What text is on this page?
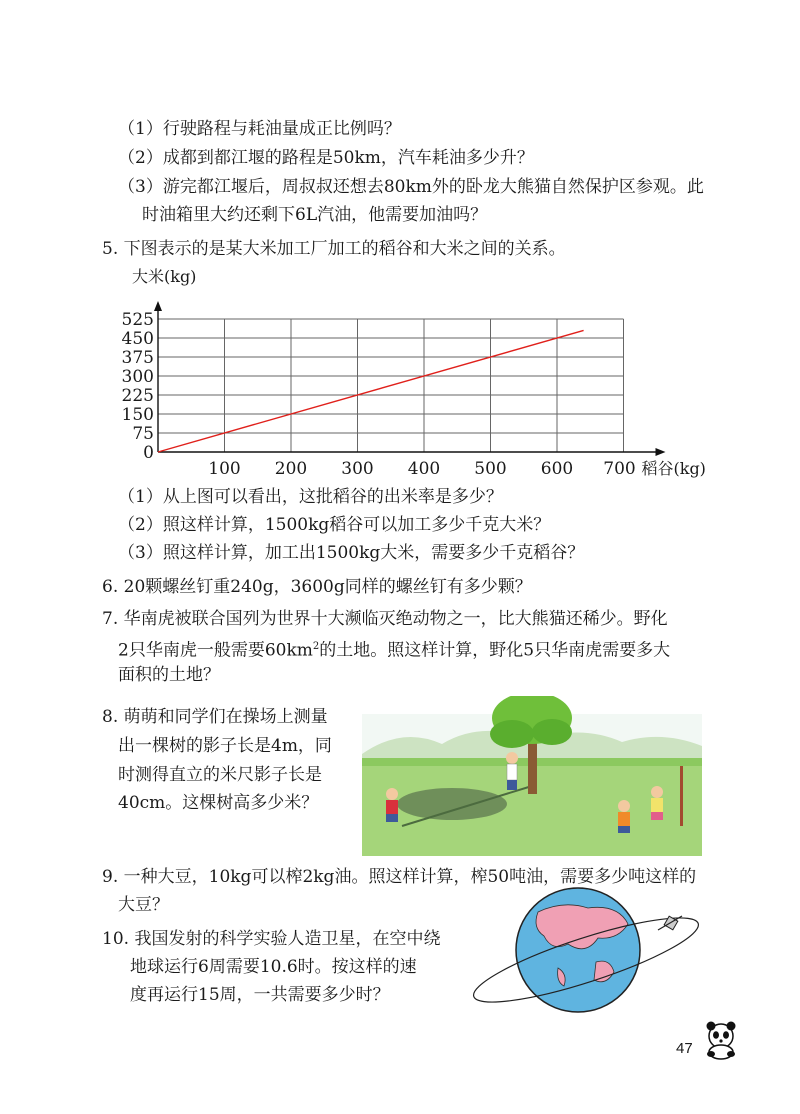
（1）行驶路程与耗油量成正比例吗？
（2）成都到都江堰的路程是50km，汽车耗油多少升？
（3）游完都江堰后，周叔叔还想去80km外的卧龙大熊猫自然保护区参观。此
时油箱里大约还剩下6L汽油，他需要加油吗？
5. 下图表示的是某大米加工厂加工的稻谷和大米之间的关系。
大米(kg)
0
75
150
225
300
375
450
525
100 200 300 400 500 600 700 稻谷(kg)
（1）从上图可以看出，这批稻谷的出米率是多少？
（2）照这样计算，1500kg稻谷可以加工多少千克大米？
（3）照这样计算，加工出1500kg大米，需要多少千克稻谷？
6. 20颗螺丝钉重240g，3600g同样的螺丝钉有多少颗？
7. 华南虎被联合国列为世界十大濒临灭绝动物之一，比大熊猫还稀少。野化
2只华南虎一般需要$60km^2$的土地。照这样计算，野化5只华南虎需要多大
面积的土地？
8. 萌萌和同学们在操场上测量
出一棵树的影子长是4m，同
时测得直立的米尺影子长是
40cm。这棵树高多少米？
9. 一种大豆，10kg可以榨2kg油。照这样计算，榨50吨油，需要多少吨这样的
大豆？
10. 我国发射的科学实验人造卫星，在空中绕
地球运行6周需要10.6时。按这样的速
度再运行15周，一共需要多少时？
47
